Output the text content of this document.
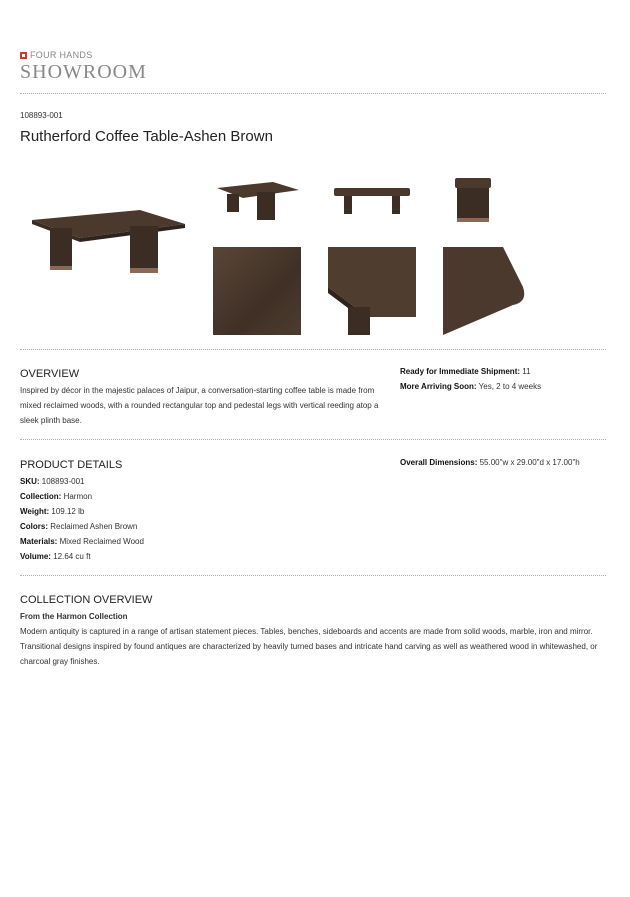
FOUR HANDS
SHOWROOM
108893-001
Rutherford Coffee Table-Ashen Brown
OVERVIEW
Inspired by décor in the majestic palaces of Jaipur, a conversation-starting coffee table is made from mixed reclaimed woods, with a rounded rectangular top and pedestal legs with vertical reeding atop a sleek plinth base.
Ready for Immediate Shipment: 11
More Arriving Soon: Yes, 2 to 4 weeks
PRODUCT DETAILS
SKU: 108893-001
Collection: Harmon
Weight: 109.12 lb
Colors: Reclaimed Ashen Brown
Materials: Mixed Reclaimed Wood
Volume: 12.64 cu ft
Overall Dimensions: 55.00"w x 29.00"d x 17.00"h
COLLECTION OVERVIEW
From the Harmon Collection
Modern antiquity is captured in a range of artisan statement pieces. Tables, benches, sideboards and accents are made from solid woods, marble, iron and mirror. Transitional designs inspired by found antiques are characterized by heavily turned bases and intricate hand carving as well as weathered wood in whitewashed, or charcoal gray finishes.
